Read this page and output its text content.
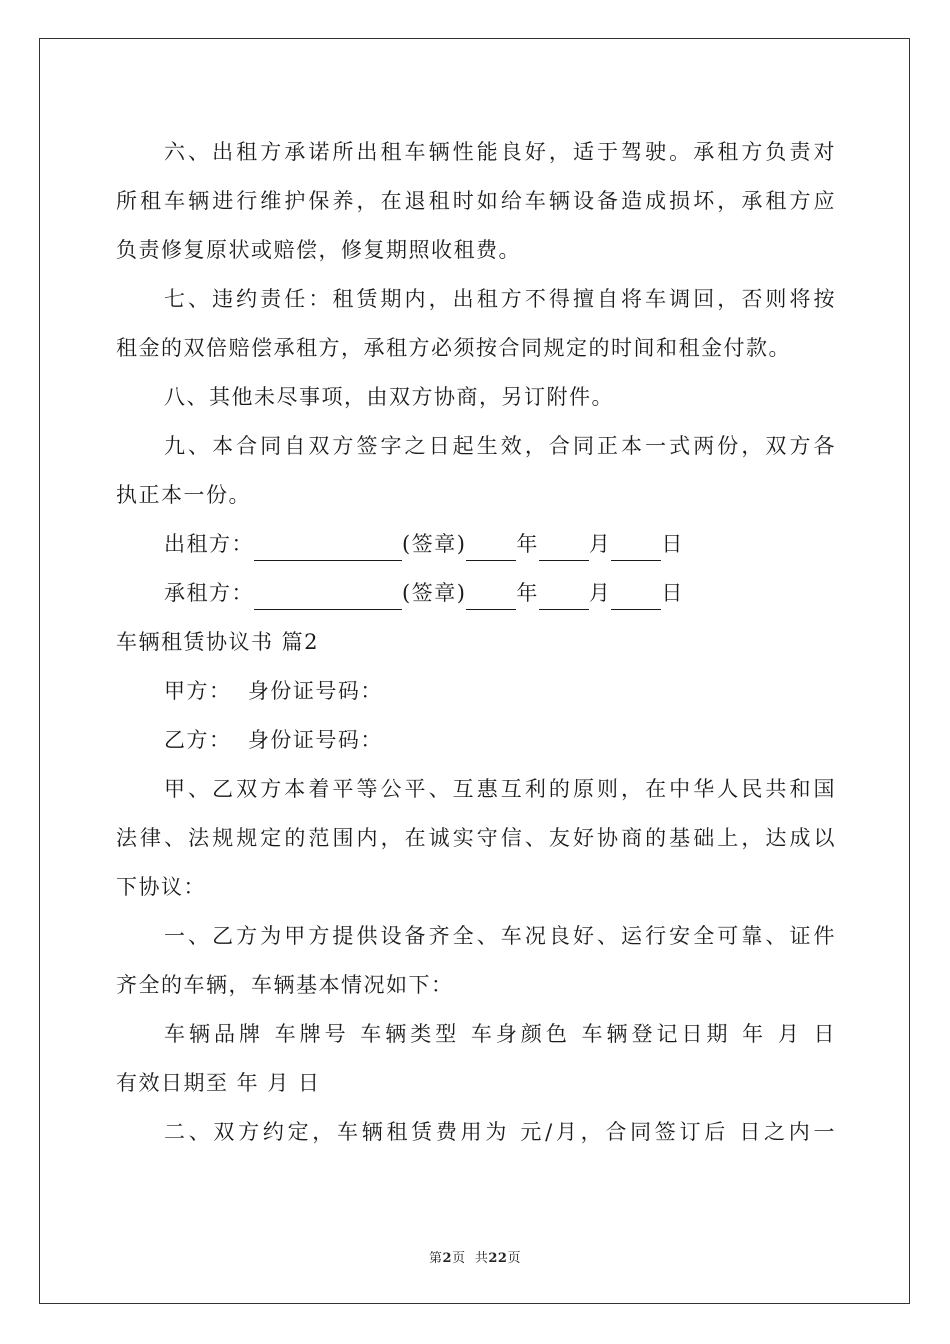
六、出租方承诺所出租车辆性能良好，适于驾驶。承租方负责对
所租车辆进行维护保养，在退租时如给车辆设备造成损坏，承租方应
负责修复原状或赔偿，修复期照收租费。
七、违约责任：租赁期内，出租方不得擅自将车调回，否则将按
租金的双倍赔偿承租方，承租方必须按合同规定的时间和租金付款。
八、其他未尽事项，由双方协商，另订附件。
九、本合同自双方签字之日起生效，合同正本一式两份，双方各
执正本一份。
出租方：	(签章) 年 月 日
承租方：	(签章) 年 月 日
车辆租赁协议书 篇2
甲方：  身份证号码：
乙方：  身份证号码：
甲、乙双方本着平等公平、互惠互利的原则，在中华人民共和国
法律、法规规定的范围内，在诚实守信、友好协商的基础上，达成以
下协议：
一、乙方为甲方提供设备齐全、车况良好、运行安全可靠、证件
齐全的车辆，车辆基本情况如下：
车辆品牌 车牌号 车辆类型 车身颜色 车辆登记日期 年 月 日
有效日期至 年 月 日
二、双方约定，车辆租赁费用为 元/月，合同签订后 日之内一
第2页  共22页
